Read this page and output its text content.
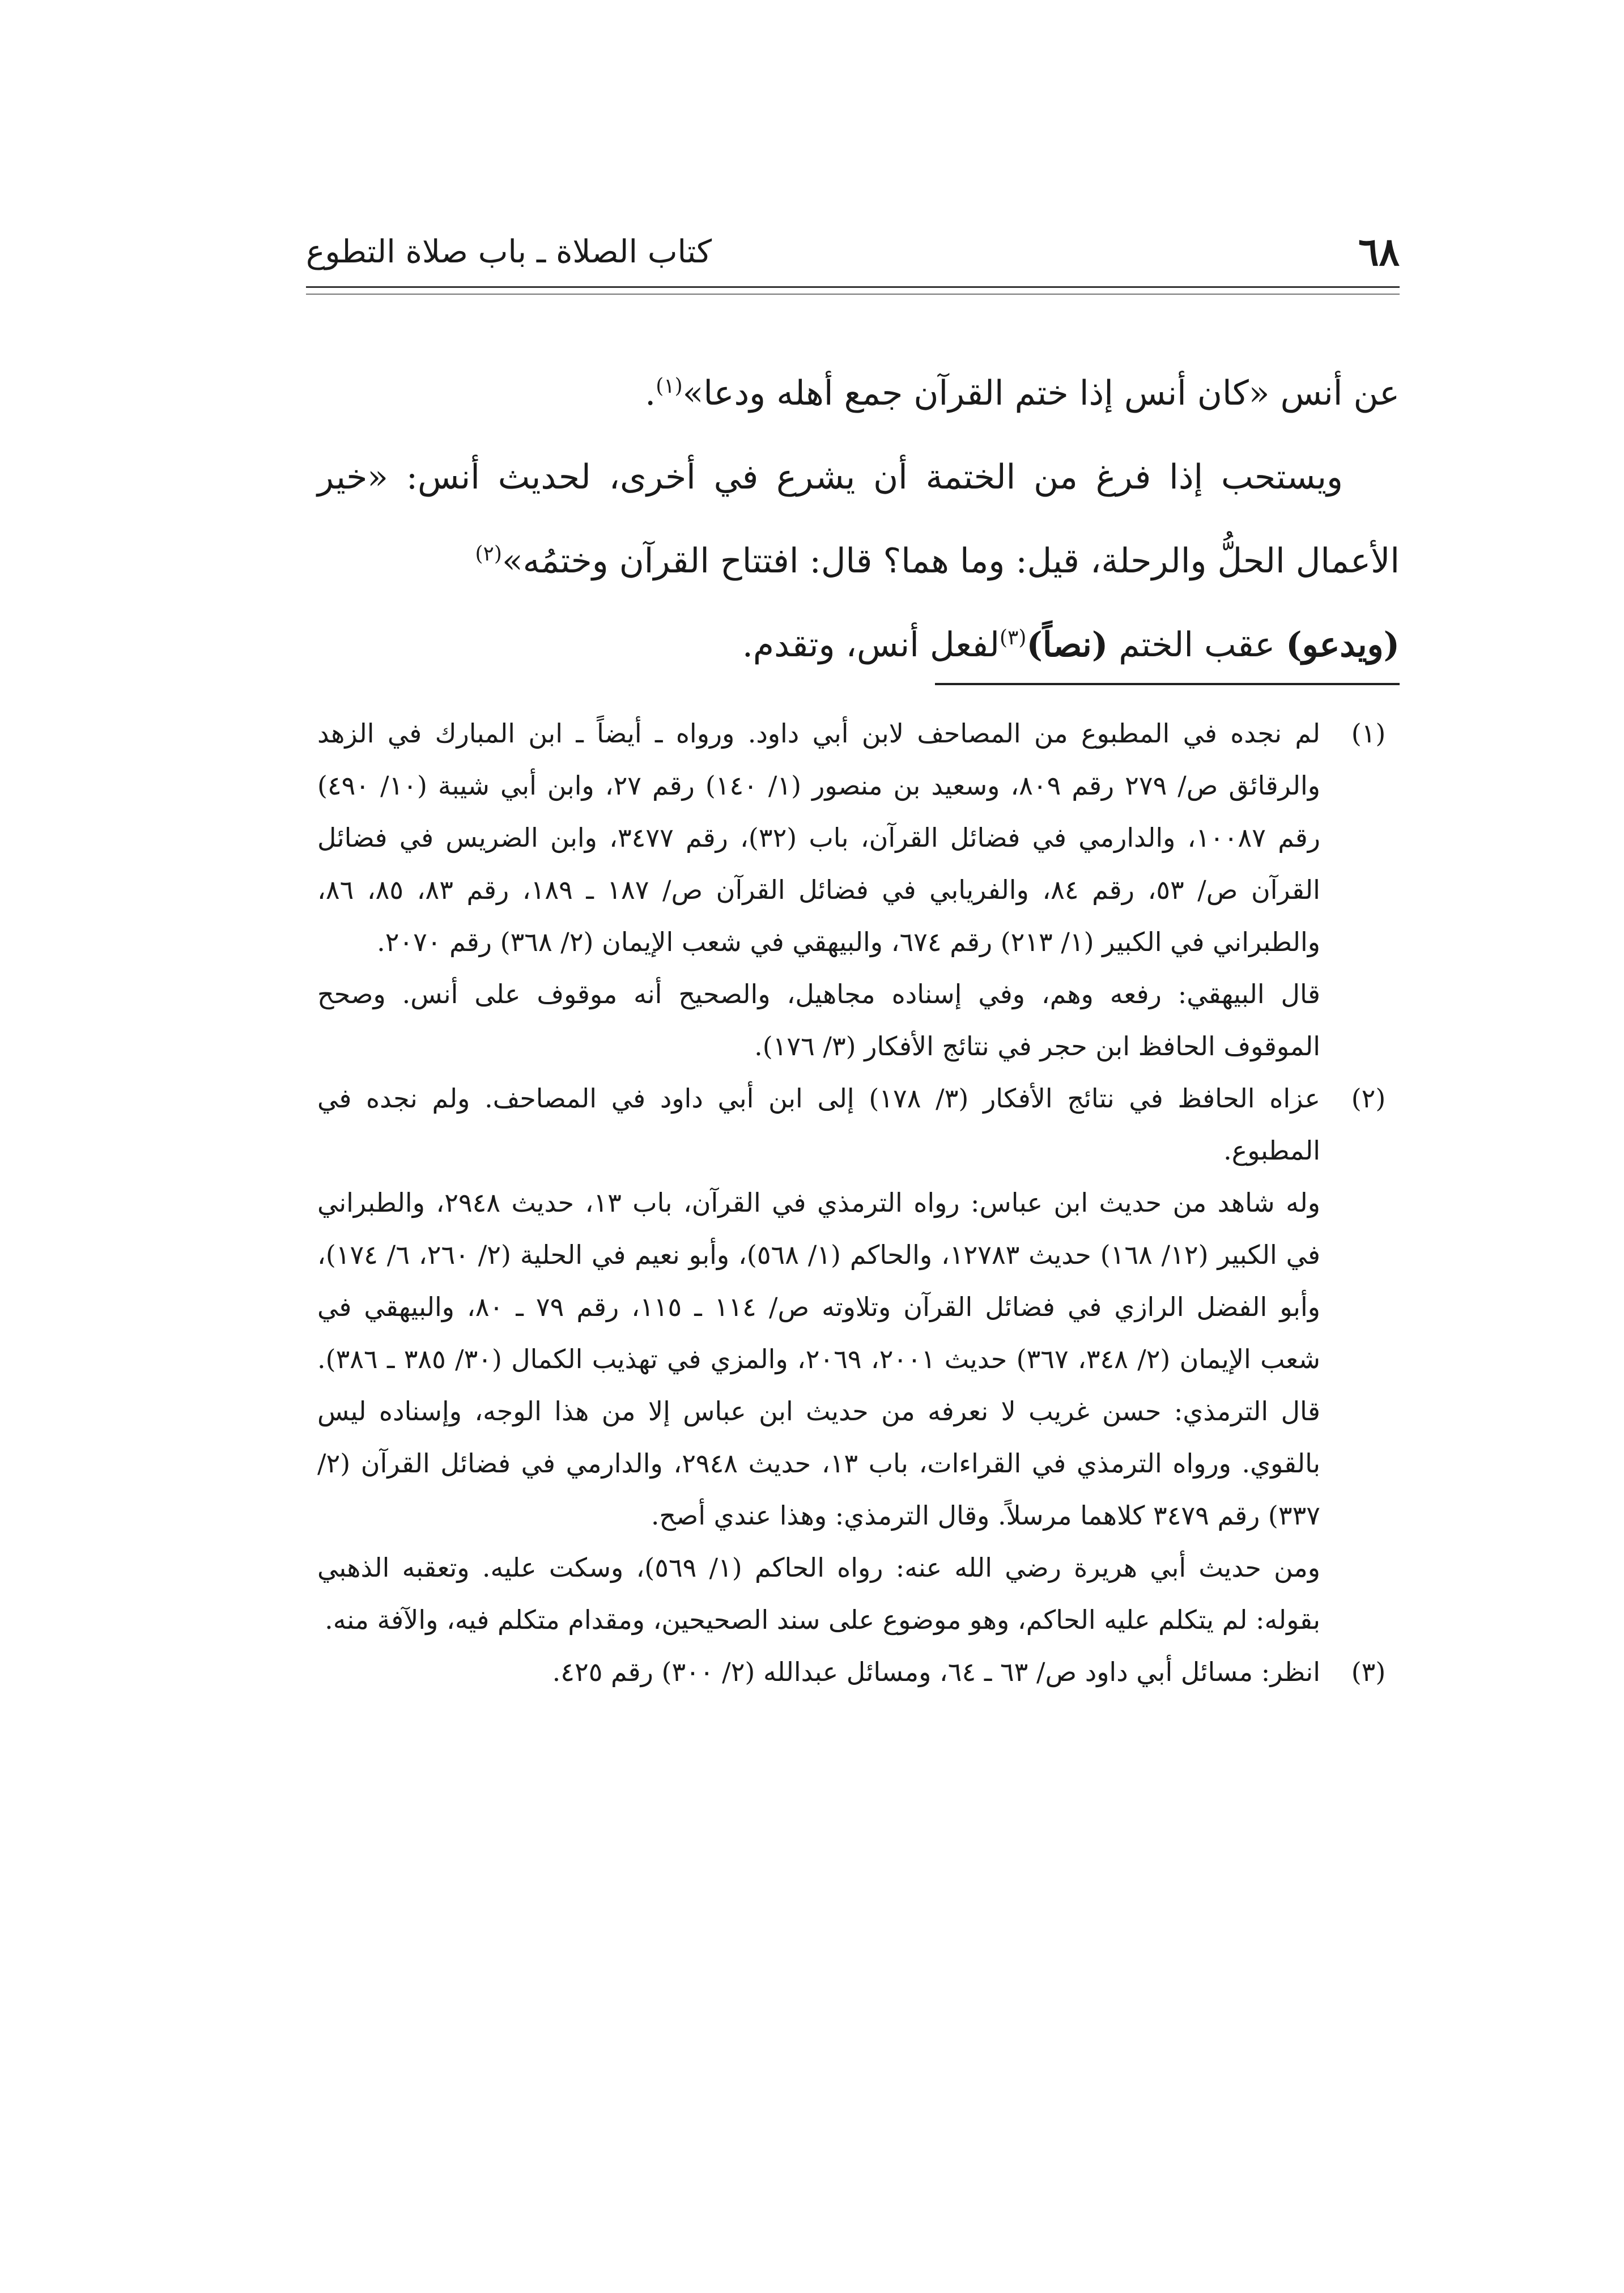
٦٨
كتاب الصلاة ـ باب صلاة التطوع

عن أنس «كان أنس إذا ختم القرآن جمع أهله ودعا»$^{(١)}$.

ويستحب إذا فرغ من الختمة أن يشرع في أخرى، لحديث أنس: «خير الأعمال الحلُّ والرحلة، قيل: وما هما؟ قال: افتتاح القرآن وختمُه»$^{(٢)}$

(ويدعو) عقب الختم (نصاً)$^{(٣)}$لفعل أنس، وتقدم.

(١)

لم نجده في المطبوع من المصاحف لابن أبي داود. ورواه ـ أيضاً ـ ابن المبارك في الزهد والرقائق ص/ ٢٧٩ رقم ٨٠٩، وسعيد بن منصور (١/ ١٤٠) رقم ٢٧، وابن أبي شيبة (١٠/ ٤٩٠) رقم ١٠٠٨٧، والدارمي في فضائل القرآن، باب (٣٢)، رقم ٣٤٧٧، وابن الضريس في فضائل القرآن ص/ ٥٣، رقم ٨٤، والفريابي في فضائل القرآن ص/ ١٨٧ ـ ١٨٩، رقم ٨٣، ٨٥، ٨٦، والطبراني في الكبير (١/ ٢١٣) رقم ٦٧٤، والبيهقي في شعب الإيمان (٢/ ٣٦٨) رقم ٢٠٧٠.

قال البيهقي: رفعه وهم، وفي إسناده مجاهيل، والصحيح أنه موقوف على أنس. وصحح الموقوف الحافظ ابن حجر في نتائج الأفكار (٣/ ١٧٦).

(٢)

عزاه الحافظ في نتائج الأفكار (٣/ ١٧٨) إلى ابن أبي داود في المصاحف. ولم نجده في المطبوع.

وله شاهد من حديث ابن عباس: رواه الترمذي في القرآن، باب ١٣، حديث ٢٩٤٨، والطبراني في الكبير (١٢/ ١٦٨) حديث ١٢٧٨٣، والحاكم (١/ ٥٦٨)، وأبو نعيم في الحلية (٢/ ٢٦٠، ٦/ ١٧٤)، وأبو الفضل الرازي في فضائل القرآن وتلاوته ص/ ١١٤ ـ ١١٥، رقم ٧٩ ـ ٨٠، والبيهقي في شعب الإيمان (٢/ ٣٤٨، ٣٦٧) حديث ٢٠٠١، ٢٠٦٩، والمزي في تهذيب الكمال (٣٠/ ٣٨٥ ـ ٣٨٦). قال الترمذي: حسن غريب لا نعرفه من حديث ابن عباس إلا من هذا الوجه، وإسناده ليس بالقوي. ورواه الترمذي في القراءات، باب ١٣، حديث ٢٩٤٨، والدارمي في فضائل القرآن (٢/ ٣٣٧) رقم ٣٤٧٩ كلاهما مرسلاً. وقال الترمذي: وهذا عندي أصح.

ومن حديث أبي هريرة رضي الله عنه: رواه الحاكم (١/ ٥٦٩)، وسكت عليه. وتعقبه الذهبي بقوله: لم يتكلم عليه الحاكم، وهو موضوع على سند الصحيحين، ومقدام متكلم فيه، والآفة منه.

(٣)

انظر: مسائل أبي داود ص/ ٦٣ ـ ٦٤، ومسائل عبدالله (٢/ ٣٠٠) رقم ٤٢٥.
